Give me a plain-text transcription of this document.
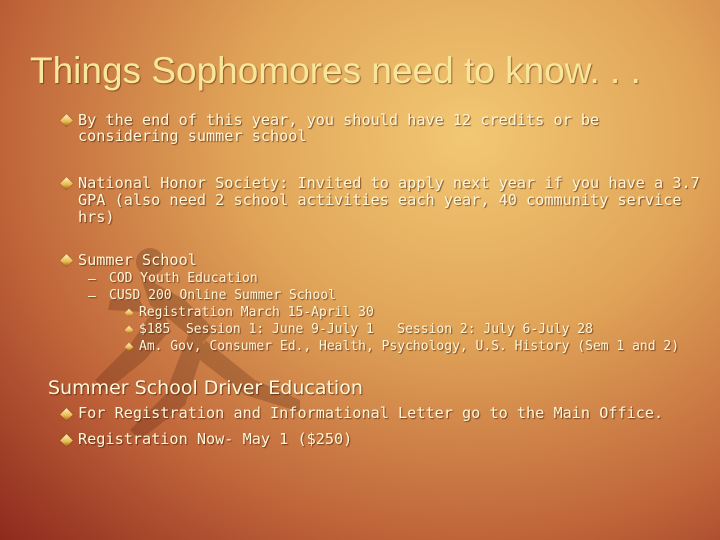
Things Sophomores need to know. . .
By the end of this year, you should have 12 credits or be
considering summer school
National Honor Society: Invited to apply next year if you have a 3.7
GPA (also need 2 school activities each year, 40 community service
hrs)
Summer School
– COD Youth Education
– CUSD 200 Online Summer School
Registration March 15-April 30
$185  Session 1: June 9-July 1   Session 2: July 6-July 28
Am. Gov, Consumer Ed., Health, Psychology, U.S. History (Sem 1 and 2)
Summer School Driver Education
For Registration and Informational Letter go to the Main Office.
Registration Now- May 1 ($250)
